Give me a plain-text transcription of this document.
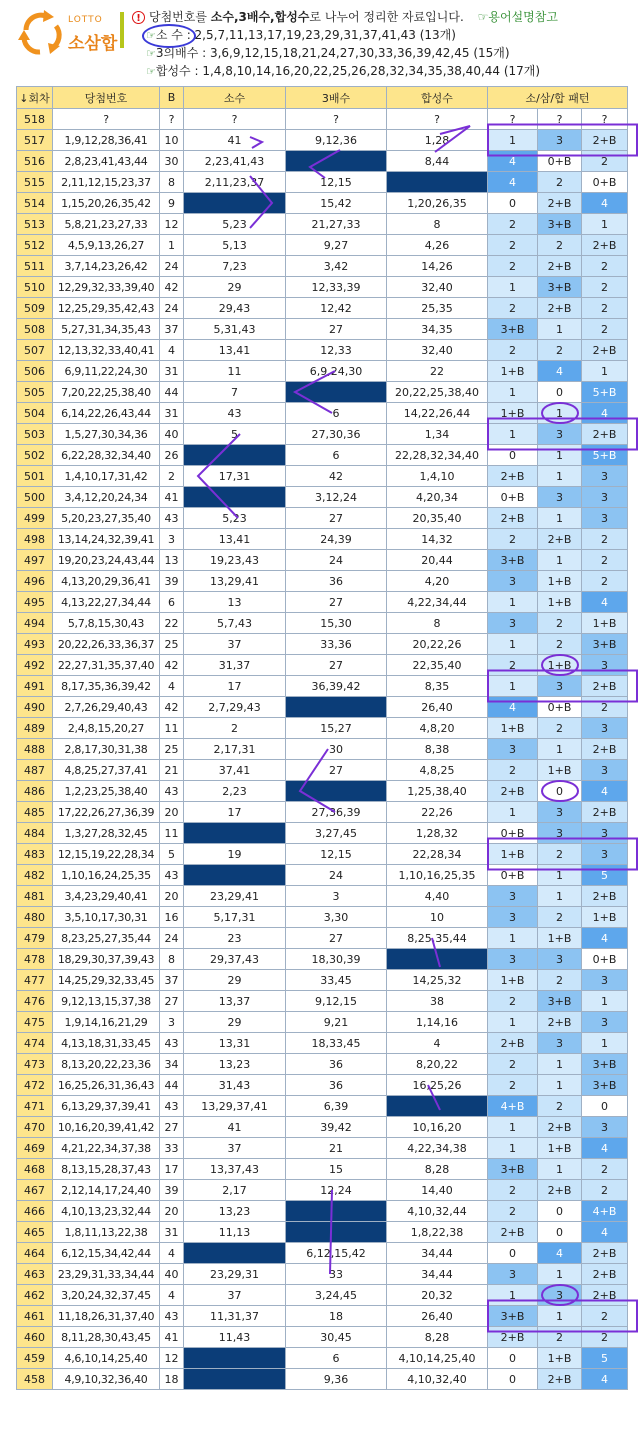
LOTTO
소삼합
! 당첨번호를 소수,3배수,합성수로 나누어 정리한 자료입니다. ☞용어설명참고
☞소 수 : 2,5,7,11,13,17,19,23,29,31,37,41,43 (13개)
☞3의배수 : 3,6,9,12,15,18,21,24,27,30,33,36,39,42,45 (15개)
☞합성수 : 1,4,8,10,14,16,20,22,25,26,28,32,34,35,38,40,44 (17개)
↓회차	당첨번호	B	소수	3배수	합성수	소/삼/합 패턴		
518	?	?	?	?	?	?	?	?
517	1,9,12,28,36,41	10	41	9,12,36	1,28	1	3	2+B
516	2,8,23,41,43,44	30	2,23,41,43		8,44	4	0+B	2
515	2,11,12,15,23,37	8	2,11,23,37	12,15		4	2	0+B
514	1,15,20,26,35,42	9		15,42	1,20,26,35	0	2+B	4
513	5,8,21,23,27,33	12	5,23	21,27,33	8	2	3+B	1
512	4,5,9,13,26,27	1	5,13	9,27	4,26	2	2	2+B
511	3,7,14,23,26,42	24	7,23	3,42	14,26	2	2+B	2
510	12,29,32,33,39,40	42	29	12,33,39	32,40	1	3+B	2
509	12,25,29,35,42,43	24	29,43	12,42	25,35	2	2+B	2
508	5,27,31,34,35,43	37	5,31,43	27	34,35	3+B	1	2
507	12,13,32,33,40,41	4	13,41	12,33	32,40	2	2	2+B
506	6,9,11,22,24,30	31	11	6,9,24,30	22	1+B	4	1
505	7,20,22,25,38,40	44	7		20,22,25,38,40	1	0	5+B
504	6,14,22,26,43,44	31	43	6	14,22,26,44	1+B	1	4
503	1,5,27,30,34,36	40	5	27,30,36	1,34	1	3	2+B
502	6,22,28,32,34,40	26		6	22,28,32,34,40	0	1	5+B
501	1,4,10,17,31,42	2	17,31	42	1,4,10	2+B	1	3
500	3,4,12,20,24,34	41		3,12,24	4,20,34	0+B	3	3
499	5,20,23,27,35,40	43	5,23	27	20,35,40	2+B	1	3
498	13,14,24,32,39,41	3	13,41	24,39	14,32	2	2+B	2
497	19,20,23,24,43,44	13	19,23,43	24	20,44	3+B	1	2
496	4,13,20,29,36,41	39	13,29,41	36	4,20	3	1+B	2
495	4,13,22,27,34,44	6	13	27	4,22,34,44	1	1+B	4
494	5,7,8,15,30,43	22	5,7,43	15,30	8	3	2	1+B
493	20,22,26,33,36,37	25	37	33,36	20,22,26	1	2	3+B
492	22,27,31,35,37,40	42	31,37	27	22,35,40	2	1+B	3
491	8,17,35,36,39,42	4	17	36,39,42	8,35	1	3	2+B
490	2,7,26,29,40,43	42	2,7,29,43		26,40	4	0+B	2
489	2,4,8,15,20,27	11	2	15,27	4,8,20	1+B	2	3
488	2,8,17,30,31,38	25	2,17,31	30	8,38	3	1	2+B
487	4,8,25,27,37,41	21	37,41	27	4,8,25	2	1+B	3
486	1,2,23,25,38,40	43	2,23		1,25,38,40	2+B	0	4
485	17,22,26,27,36,39	20	17	27,36,39	22,26	1	3	2+B
484	1,3,27,28,32,45	11		3,27,45	1,28,32	0+B	3	3
483	12,15,19,22,28,34	5	19	12,15	22,28,34	1+B	2	3
482	1,10,16,24,25,35	43		24	1,10,16,25,35	0+B	1	5
481	3,4,23,29,40,41	20	23,29,41	3	4,40	3	1	2+B
480	3,5,10,17,30,31	16	5,17,31	3,30	10	3	2	1+B
479	8,23,25,27,35,44	24	23	27	8,25,35,44	1	1+B	4
478	18,29,30,37,39,43	8	29,37,43	18,30,39		3	3	0+B
477	14,25,29,32,33,45	37	29	33,45	14,25,32	1+B	2	3
476	9,12,13,15,37,38	27	13,37	9,12,15	38	2	3+B	1
475	1,9,14,16,21,29	3	29	9,21	1,14,16	1	2+B	3
474	4,13,18,31,33,45	43	13,31	18,33,45	4	2+B	3	1
473	8,13,20,22,23,36	34	13,23	36	8,20,22	2	1	3+B
472	16,25,26,31,36,43	44	31,43	36	16,25,26	2	1	3+B
471	6,13,29,37,39,41	43	13,29,37,41	6,39		4+B	2	0
470	10,16,20,39,41,42	27	41	39,42	10,16,20	1	2+B	3
469	4,21,22,34,37,38	33	37	21	4,22,34,38	1	1+B	4
468	8,13,15,28,37,43	17	13,37,43	15	8,28	3+B	1	2
467	2,12,14,17,24,40	39	2,17	12,24	14,40	2	2+B	2
466	4,10,13,23,32,44	20	13,23		4,10,32,44	2	0	4+B
465	1,8,11,13,22,38	31	11,13		1,8,22,38	2+B	0	4
464	6,12,15,34,42,44	4		6,12,15,42	34,44	0	4	2+B
463	23,29,31,33,34,44	40	23,29,31	33	34,44	3	1	2+B
462	3,20,24,32,37,45	4	37	3,24,45	20,32	1	3	2+B
461	11,18,26,31,37,40	43	11,31,37	18	26,40	3+B	1	2
460	8,11,28,30,43,45	41	11,43	30,45	8,28	2+B	2	2
459	4,6,10,14,25,40	12		6	4,10,14,25,40	0	1+B	5
458	4,9,10,32,36,40	18		9,36	4,10,32,40	0	2+B	4
